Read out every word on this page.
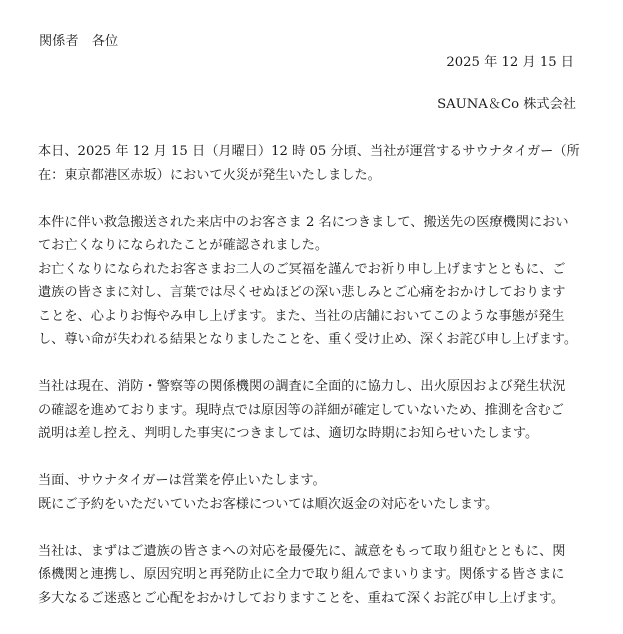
関係者　各位
2025 年 12 月 15 日
SAUNA＆Co 株式会社

本日、2025 年 12 月 15 日（月曜日）12 時 05 分頃、当社が運営するサウナタイガー（所
在：東京都港区赤坂）において火災が発生いたしました。

本件に伴い救急搬送された来店中のお客さま 2 名につきまして、搬送先の医療機関におい
てお亡くなりになられたことが確認されました。

お亡くなりになられたお客さまお二人のご冥福を謹んでお祈り申し上げますとともに、ご
遺族の皆さまに対し、言葉では尽くせぬほどの深い悲しみとご心痛をおかけしております
ことを、心よりお悔やみ申し上げます。また、当社の店舗においてこのような事態が発生
し、尊い命が失われる結果となりましたことを、重く受け止め、深くお詫び申し上げます。

当社は現在、消防・警察等の関係機関の調査に全面的に協力し、出火原因および発生状況
の確認を進めております。現時点では原因等の詳細が確定していないため、推測を含むご
説明は差し控え、判明した事実につきましては、適切な時期にお知らせいたします。

当面、サウナタイガーは営業を停止いたします。
既にご予約をいただいていたお客様については順次返金の対応をいたします。

当社は、まずはご遺族の皆さまへの対応を最優先に、誠意をもって取り組むとともに、関
係機関と連携し、原因究明と再発防止に全力で取り組んでまいります。関係する皆さまに
多大なるご迷惑とご心配をおかけしておりますことを、重ねて深くお詫び申し上げます。
